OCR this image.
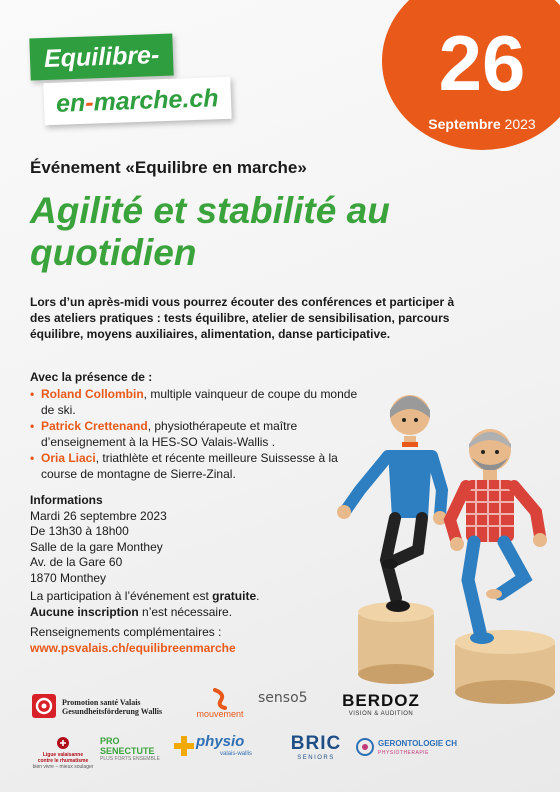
Equilibre-
en-marche.ch	26
Septembre 2023
Événement «Equilibre en marche»
Agilité et stabilité au quotidien
Lors d’un après-midi vous pourrez écouter des conférences et participer à des ateliers pratiques : tests équilibre, atelier de sensibilisation, parcours équilibre, moyens auxiliaires, alimentation, danse participative.
Avec la présence de :
• Roland Collombin, multiple vainqueur de coupe du monde de ski.
• Patrick Crettenand, physiothérapeute et maître d’enseignement à la HES-SO Valais-Wallis .
• Oria Liaci, triathlète et récente meilleure Suissesse à la course de montagne de Sierre-Zinal.
Informations
Mardi 26 septembre 2023
De 13h30 à 18h00
Salle de la gare Monthey
Av. de la Gare 60
1870 Monthey
La participation à l’événement est gratuite.
Aucune inscription n’est nécessaire.
Renseignements complémentaires :
www.psvalais.ch/equilibreenmarche
Promotion santé Valais
Gesundheitsförderung Wallis	mouvement
senso5	BERDOZ
VISION & AUDITION
Ligue valaisanne
contre le rhumatisme
bien vivre – mieux soulager
PRO
SENECTUTE
PLUS FORTS ENSEMBLE
physio
valais-wallis BRIC
SENIORS
GERONTOLOGIE CH
PHYSIOTHERAPIE
